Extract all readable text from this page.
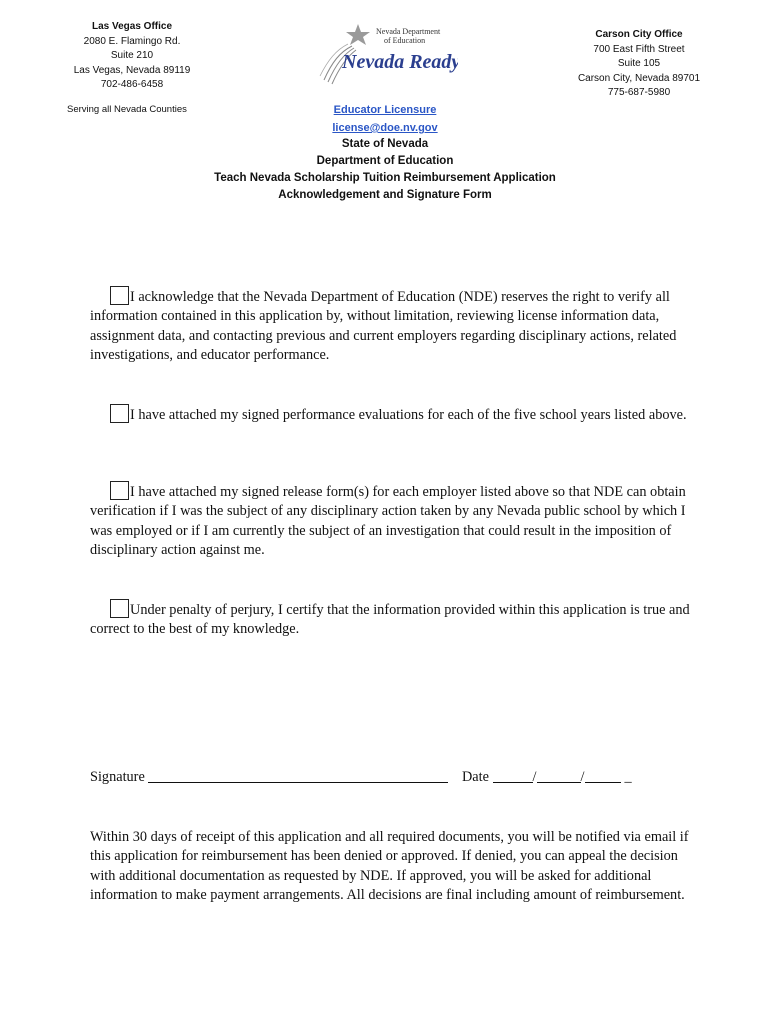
Las Vegas Office
2080 E. Flamingo Rd.
Suite 210
Las Vegas, Nevada 89119
702-486-6458
Serving all Nevada Counties
Nevada Department
of Education
Nevada Ready!
Carson City Office
700 East Fifth Street
Suite 105
Carson City, Nevada 89701
775-687-5980
Educator Licensure
license@doe.nv.gov
State of Nevada
Department of Education
Teach Nevada Scholarship Tuition Reimbursement Application
Acknowledgement and Signature Form
I acknowledge that the Nevada Department of Education (NDE) reserves the right to verify all information contained in this application by, without limitation, reviewing license information data, assignment data, and contacting previous and current employers regarding disciplinary actions, related investigations, and educator performance.
I have attached my signed performance evaluations for each of the five school years listed above.
I have attached my signed release form(s) for each employer listed above so that NDE can obtain verification if I was the subject of any disciplinary action taken by any Nevada public school by which I was employed or if I am currently the subject of an investigation that could result in the imposition of disciplinary action against me.
Under penalty of perjury, I certify that the information provided within this application is true and correct to the best of my knowledge.
Signature	Date	/	/	_
Within 30 days of receipt of this application and all required documents, you will be notified via email if this application for reimbursement has been denied or approved. If denied, you can appeal the decision with additional documentation as requested by NDE. If approved, you will be asked for additional information to make payment arrangements. All decisions are final including amount of reimbursement.
